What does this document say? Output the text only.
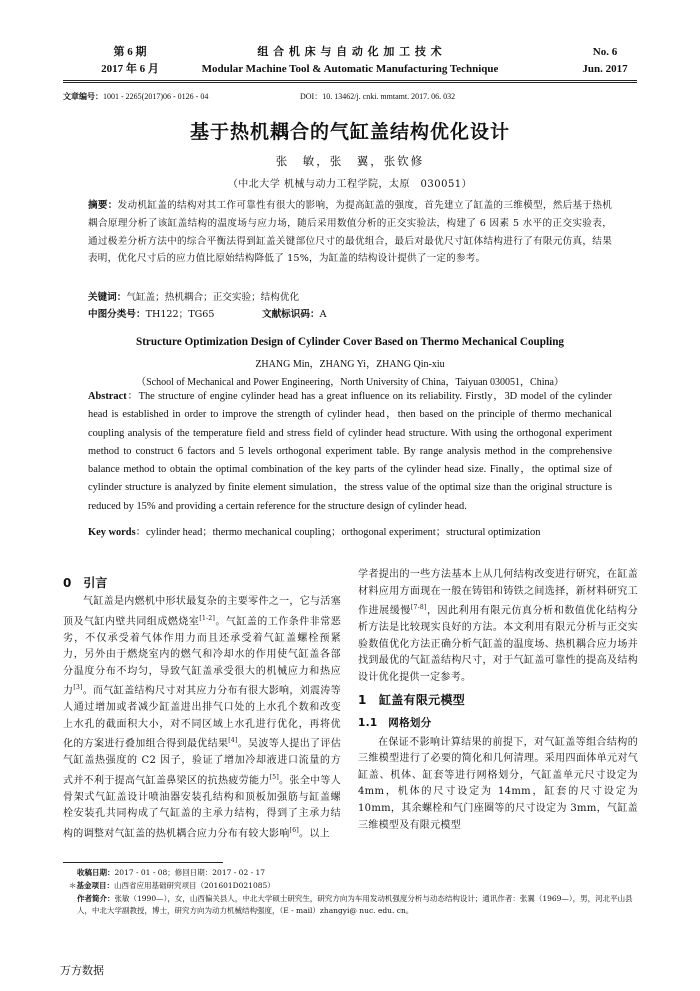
第 6 期
2017 年 6 月
组 合 机 床 与 自 动 化 加 工 技 术
Modular Machine Tool & Automatic Manufacturing Technique
No. 6
Jun. 2017
文章编号：1001 - 2265(2017)06 - 0126 - 04	DOI：10. 13462/j. cnki. mmtamt. 2017. 06. 032
基于热机耦合的气缸盖结构优化设计
张　敏，张　翼，张钦修
（中北大学 机械与动力工程学院，太原　030051）
摘要：发动机缸盖的结构对其工作可靠性有很大的影响，为提高缸盖的强度，首先建立了缸盖的三维模型，然后基于热机耦合原理分析了该缸盖结构的温度场与应力场，随后采用数值分析的正交实验法，构建了 6 因素 5 水平的正交实验表，通过极差分析方法中的综合平衡法得到缸盖关键部位尺寸的最优组合，最后对最优尺寸缸体结构进行了有限元仿真，结果表明，优化尺寸后的应力值比原始结构降低了 15%，为缸盖的结构设计提供了一定的参考。
关键词：气缸盖；热机耦合；正交实验；结构优化
中图分类号：TH122；TG65	文献标识码：A
Structure Optimization Design of Cylinder Cover Based on Thermo Mechanical Coupling
ZHANG Min，ZHANG Yi，ZHANG Qin-xiu
（School of Mechanical and Power Engineering，North University of China，Taiyuan 030051，China）
Abstract：The structure of engine cylinder head has a great influence on its reliability. Firstly，3D model of the cylinder head is established in order to improve the strength of cylinder head，then based on the principle of thermo mechanical coupling analysis of the temperature field and stress field of cylinder head structure. With using the orthogonal experiment method to construct 6 factors and 5 levels orthogonal experiment table. By range analysis method in the comprehensive balance method to obtain the optimal combination of the key parts of the cylinder head size. Finally，the optimal size of cylinder structure is analyzed by finite element simulation，the stress value of the optimal size than the original structure is reduced by 15% and providing a certain reference for the structure design of cylinder head.
Key words：cylinder head；thermo mechanical coupling；orthogonal experiment；structural optimization
0　引言
气缸盖是内燃机中形状最复杂的主要零件之一，它与活塞顶及气缸内壁共同组成燃烧室[1-2]。气缸盖的工作条件非常恶劣，不仅承受着气体作用力而且还承受着气缸盖螺栓预紧力，另外由于燃烧室内的燃气和冷却水的作用使气缸盖各部分温度分布不均匀，导致气缸盖承受很大的机械应力和热应力[3]。而气缸盖结构尺寸对其应力分布有很大影响，刘震涛等人通过增加或者减少缸盖进出排气口处的上水孔个数和改变上水孔的截面积大小，对不同区域上水孔进行优化，再将优化的方案进行叠加组合得到最优结果[4]。吴波等人提出了评估气缸盖热强度的 C2 因子，验证了增加冷却液进口流量的方式并不利于提高气缸盖鼻梁区的抗热疲劳能力[5]。张全中等人骨架式气缸盖设计喷油器安装孔结构和顶板加强筋与缸盖螺栓安装孔共同构成了气缸盖的主承力结构，得到了主承力结构的调整对气缸盖的热机耦合应力分布有较大影响[6]。以上
学者提出的一些方法基本上从几何结构改变进行研究，在缸盖材料应用方面现在一般在铸铝和铸铁之间选择，新材料研究工作进展缓慢[7-8]，因此利用有限元仿真分析和数值优化结构分析方法是比较现实良好的方法。本文利用有限元分析与正交实验数值优化方法正确分析气缸盖的温度场、热机耦合应力场并找到最优的气缸盖结构尺寸，对于气缸盖可靠性的提高及结构设计优化提供一定参考。
1　缸盖有限元模型
1.1　网格划分
在保证不影响计算结果的前提下，对气缸盖等组合结构的三维模型进行了必要的简化和几何清理。采用四面体单元对气缸盖、机体、缸套等进行网格划分，气缸盖单元尺寸设定为 4mm，机体的尺寸设定为 14mm，缸套的尺寸设定为 10mm，其余螺栓和气门座圈等的尺寸设定为 3mm，气缸盖三维模型及有限元模型
收稿日期：2017 - 01 - 08；修回日期：2017 - 02 - 17
＊基金项目：山西省应用基础研究项目（201601D021085）
作者简介：张敏（1990—），女，山西偏关县人，中北大学硕士研究生，研究方向为车用发动机强度分析与动态结构设计；通讯作者：张翼（1969—），男，河北平山县人，中北大学副教授，博士，研究方向为动力机械结构强度，（E - mail）zhangyi@ nuc. edu. cn。
万方数据
